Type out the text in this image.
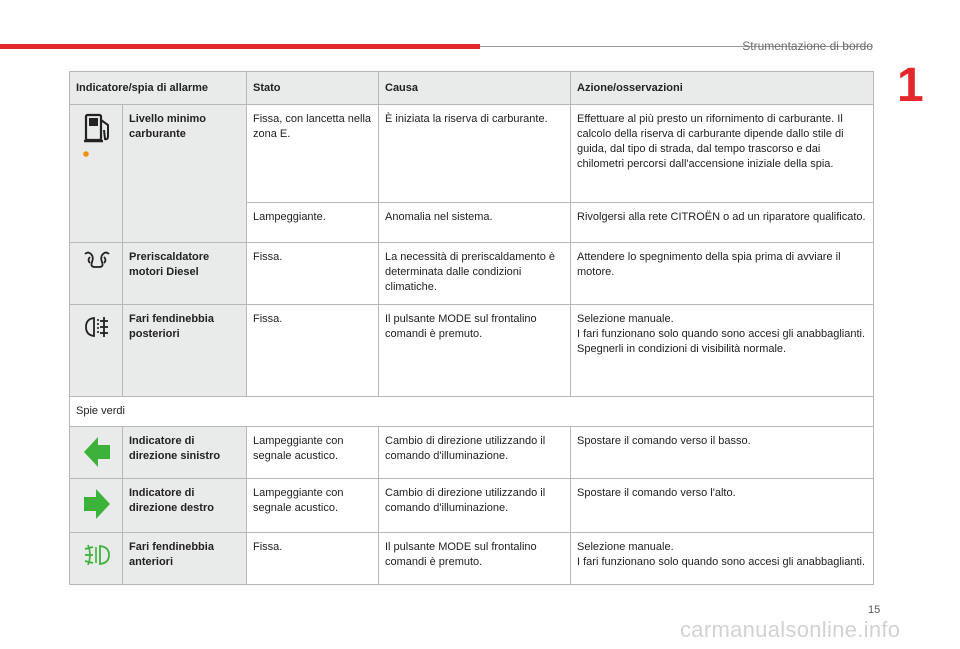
Strumentazione di bordo
1
Indicatore/spia di allarme		Stato	Causa	Azione/osservazioni

	Livello minimo carburante	Fissa, con lancetta nella zona E.	È iniziata la riserva di carburante.	Effettuare al più presto un rifornimento di carburante. Il calcolo della riserva di carburante dipende dallo stile di guida, dal tipo di strada, dal tempo trascorso e dai chilometri percorsi dall'accensione iniziale della spia.
		Lampeggiante.	Anomalia nel sistema.	Rivolgersi alla rete CITROËN o ad un riparatore qualificato.

	Preriscaldatore motori Diesel	Fissa.	La necessità di preriscaldamento è determinata dalle condizioni climatiche.	Attendere lo spegnimento della spia prima di avviare il motore.

	Fari fendinebbia posteriori	Fissa.	Il pulsante MODE sul frontalino comandi è premuto.	Selezione manuale.
I fari funzionano solo quando sono accesi gli anabbaglianti.
Spegnerli in condizioni di visibilità normale.

Spie verdi				

	Indicatore di direzione sinistro	Lampeggiante con segnale acustico.	Cambio di direzione utilizzando il comando d'illuminazione.	Spostare il comando verso il basso.

	Indicatore di direzione destro	Lampeggiante con segnale acustico.	Cambio di direzione utilizzando il comando d'illuminazione.	Spostare il comando verso l'alto.

	Fari fendinebbia anteriori	Fissa.	Il pulsante MODE sul frontalino comandi è premuto.	Selezione manuale.
I fari funzionano solo quando sono accesi gli anabbaglianti.
15
carmanualsonline.info
